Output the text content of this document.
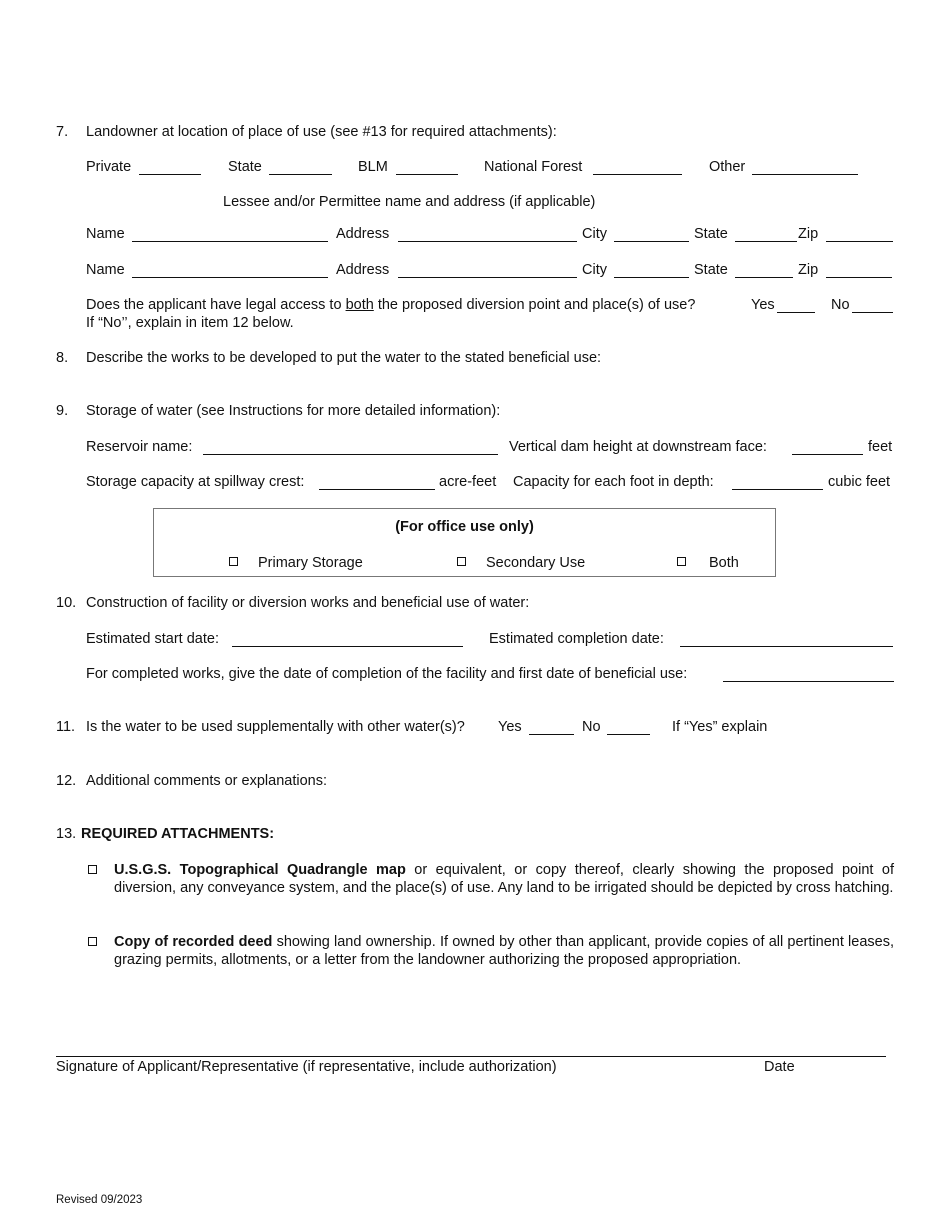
7. Landowner at location of place of use (see #13 for required attachments):
Private	State	BLM	National Forest	Other
Lessee and/or Permittee name and address (if applicable)
Name	Address	City	State	Zip
Name	Address	City	State	Zip
Does the applicant have legal access to both the proposed diversion point and place(s) of use?	Yes	No
If “No’’, explain in item 12 below.
8. Describe the works to be developed to put the water to the stated beneficial use:
9. Storage of water (see Instructions for more detailed information):
Reservoir name:	Vertical dam height at downstream face:	feet
Storage capacity at spillway crest:	acre-feet Capacity for each foot in depth:	cubic feet
(For office use only)
Primary Storage	Secondary Use	Both
10. Construction of facility or diversion works and beneficial use of water:
Estimated start date:	Estimated completion date:
For completed works, give the date of completion of the facility and first date of beneficial use:
11. Is the water to be used supplementally with other water(s)? Yes	No	If “Yes” explain
12. Additional comments or explanations:
13. REQUIRED ATTACHMENTS:
U.S.G.S. Topographical Quadrangle map or equivalent, or copy thereof, clearly showing the proposed point of diversion, any conveyance system, and the place(s) of use. Any land to be irrigated should be depicted by cross hatching.
Copy of recorded deed showing land ownership. If owned by other than applicant, provide copies of all pertinent leases, grazing permits, allotments, or a letter from the landowner authorizing the proposed appropriation.
Signature of Applicant/Representative (if representative, include authorization)	Date
Revised 09/2023
